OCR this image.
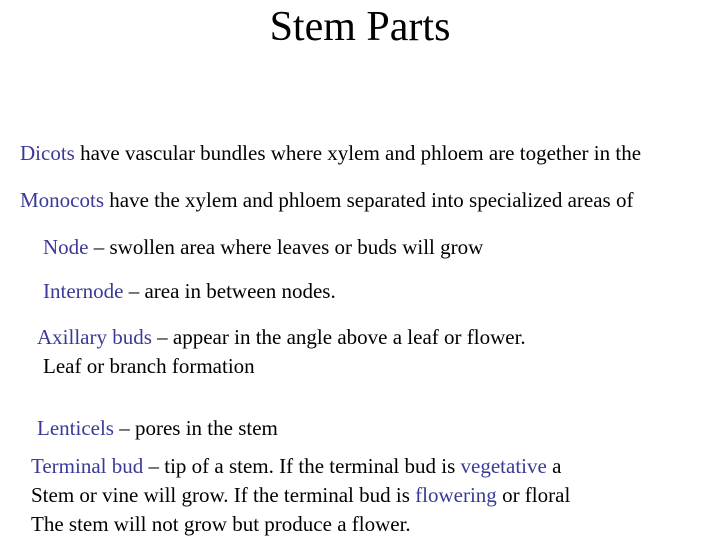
Stem Parts
Dicots have vascular bundles where xylem and phloem are together in the
Monocots have the xylem and phloem separated into specialized areas of
Node – swollen area where leaves or buds will grow
Internode – area in between nodes.
Axillary buds – appear in the angle above a leaf or flower.
Leaf or branch formation
Lenticels – pores in the stem
Terminal bud – tip of a stem. If the terminal bud is vegetative a
Stem or vine will grow. If the terminal bud is flowering or floral
The stem will not grow but produce a flower.
